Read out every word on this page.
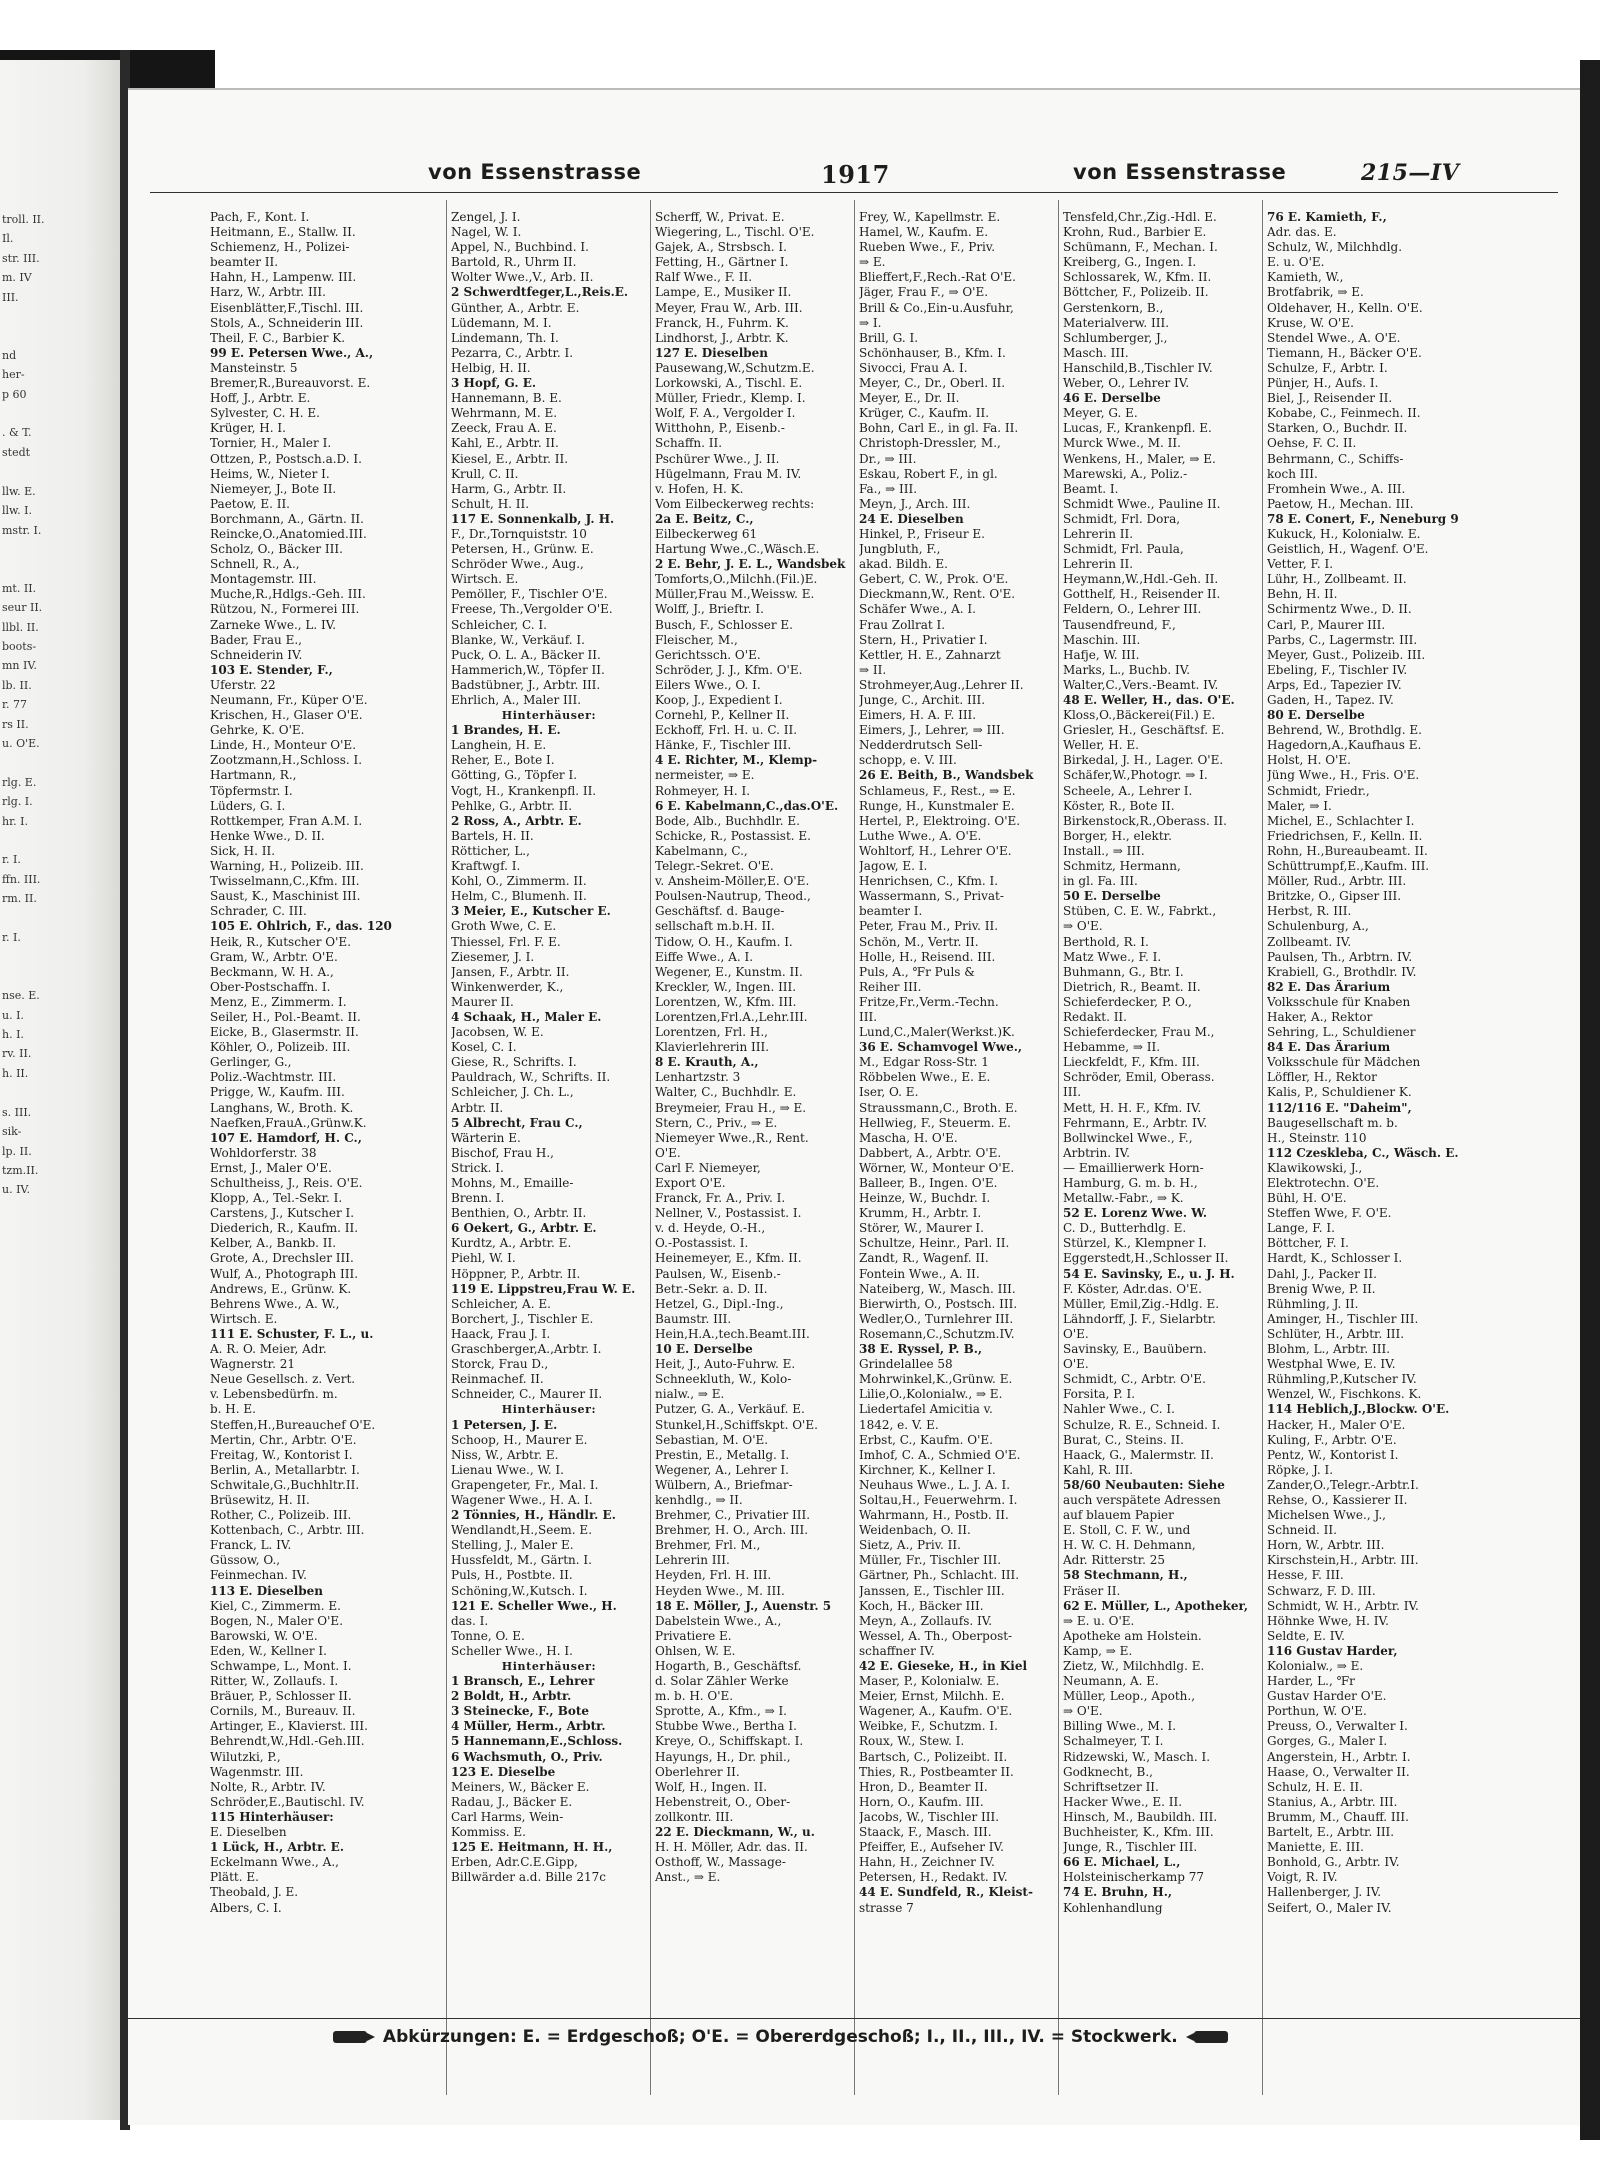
troll. II.
Il.
str. III.
m. IV
III.

nd
her-
p 60

. & T.
stedt

llw. E.
llw. I.
mstr. I.

mt. II.
seur II.
llbl. II.
boots-
mn IV.
lb. II.
r. 77
rs II.
u. O'E.

rlg. E.
rlg. I.
hr. I.

r. I.
ffn. III.
rm. II.

r. I.

nse. E.
u. I.
h. I.
rv. II.
h. II.

s. III.
sik-
lp. II.
tzm.II.
u. IV.
von Essenstrasse	1917	von Essenstrasse	215—IV
Pach, F., Kont. I.
Heitmann, E., Stallw. II.
Schiemenz, H., Polizei-
beamter II.
Hahn, H., Lampenw. III.
Harz, W., Arbtr. III.
Eisenblätter,F.,Tischl. III.
Stols, A., Schneiderin III.
Theil, F. C., Barbier K.
99 E. Petersen Wwe., A.,
Mansteinstr. 5
Bremer,R.,Bureauvorst. E.
Hoff, J., Arbtr. E.
Sylvester, C. H. E.
Krüger, H. I.
Tornier, H., Maler I.
Ottzen, P., Postsch.a.D. I.
Heims, W., Nieter I.
Niemeyer, J., Bote II.
Paetow, E. II.
Borchmann, A., Gärtn. II.
Reincke,O.,Anatomied.III.
Scholz, O., Bäcker III.
Schnell, R., A.,
Montagemstr. III.
Muche,R.,Hdlgs.-Geh. III.
Rützou, N., Formerei III.
Zarneke Wwe., L. IV.
Bader, Frau E.,
Schneiderin IV.
103 E. Stender, F.,
Uferstr. 22
Neumann, Fr., Küper O'E.
Krischen, H., Glaser O'E.
Gehrke, K. O'E.
Linde, H., Monteur O'E.
Zootzmann,H.,Schloss. I.
Hartmann, R.,
Töpfermstr. I.
Lüders, G. I.
Rottkemper, Fran A.M. I.
Henke Wwe., D. II.
Sick, H. II.
Warning, H., Polizeib. III.
Twisselmann,C.,Kfm. III.
Saust, K., Maschinist III.
Schrader, C. III.
105 E. Ohlrich, F., das. 120
Heik, R., Kutscher O'E.
Gram, W., Arbtr. O'E.
Beckmann, W. H. A.,
Ober-Postschaffn. I.
Menz, E., Zimmerm. I.
Seiler, H., Pol.-Beamt. II.
Eicke, B., Glasermstr. II.
Köhler, O., Polizeib. III.
Gerlinger, G.,
Poliz.-Wachtmstr. III.
Prigge, W., Kaufm. III.
Langhans, W., Broth. K.
Naefken,FrauA.,Grünw.K.
107 E. Hamdorf, H. C.,
Wohldorferstr. 38
Ernst, J., Maler O'E.
Schultheiss, J., Reis. O'E.
Klopp, A., Tel.-Sekr. I.
Carstens, J., Kutscher I.
Diederich, R., Kaufm. II.
Kelber, A., Bankb. II.
Grote, A., Drechsler III.
Wulf, A., Photograph III.
Andrews, E., Grünw. K.
Behrens Wwe., A. W.,
Wirtsch. E.
111 E. Schuster, F. L., u.
A. R. O. Meier, Adr.
Wagnerstr. 21
Neue Gesellsch. z. Vert.
v. Lebensbedürfn. m.
b. H. E.
Steffen,H.,Bureauchef O'E.
Mertin, Chr., Arbtr. O'E.
Freitag, W., Kontorist I.
Berlin, A., Metallarbtr. I.
Schwitale,G.,Buchhltr.II.
Brüsewitz, H. II.
Rother, C., Polizeib. III.
Kottenbach, C., Arbtr. III.
Franck, L. IV.
Güssow, O.,
Feinmechan. IV.
113 E. Dieselben
Kiel, C., Zimmerm. E.
Bogen, N., Maler O'E.
Barowski, W. O'E.
Eden, W., Kellner I.
Schwampe, L., Mont. I.
Ritter, W., Zollaufs. I.
Bräuer, P., Schlosser II.
Cornils, M., Bureauv. II.
Artinger, E., Klavierst. III.
Behrendt,W.,Hdl.-Geh.III.
Wilutzki, P.,
Wagenmstr. III.
Nolte, R., Arbtr. IV.
Schröder,E.,Bautischl. IV.
115 Hinterhäuser:
E. Dieselben
1 Lück, H., Arbtr. E.
Eckelmann Wwe., A.,
Plätt. E.
Theobald, J. E.
Albers, C. I.
Zengel, J. I.
Nagel, W. I.
Appel, N., Buchbind. I.
Bartold, R., Uhrm II.
Wolter Wwe.,V., Arb. II.
2 Schwerdtfeger,L.,Reis.E.
Günther, A., Arbtr. E.
Lüdemann, M. I.
Lindemann, Th. I.
Pezarra, C., Arbtr. I.
Helbig, H. II.
3 Hopf, G. E.
Hannemann, B. E.
Wehrmann, M. E.
Zeeck, Frau A. E.
Kahl, E., Arbtr. II.
Kiesel, E., Arbtr. II.
Krull, C. II.
Harm, G., Arbtr. II.
Schult, H. II.
117 E. Sonnenkalb, J. H.
F., Dr.,Tornquiststr. 10
Petersen, H., Grünw. E.
Schröder Wwe., Aug.,
Wirtsch. E.
Pemöller, F., Tischler O'E.
Freese, Th.,Vergolder O'E.
Schleicher, C. I.
Blanke, W., Verkäuf. I.
Puck, O. L. A., Bäcker II.
Hammerich,W., Töpfer II.
Badstübner, J., Arbtr. III.
Ehrlich, A., Maler III.
Hinterhäuser:
1 Brandes, H. E.
Langhein, H. E.
Reher, E., Bote I.
Götting, G., Töpfer I.
Vogt, H., Krankenpfl. II.
Pehlke, G., Arbtr. II.
2 Ross, A., Arbtr. E.
Bartels, H. II.
Rötticher, L.,
Kraftwgf. I.
Kohl, O., Zimmerm. II.
Helm, C., Blumenh. II.
3 Meier, E., Kutscher E.
Groth Wwe, C. E.
Thiessel, Frl. F. E.
Ziesemer, J. I.
Jansen, F., Arbtr. II.
Winkenwerder, K.,
Maurer II.
4 Schaak, H., Maler E.
Jacobsen, W. E.
Kosel, C. I.
Giese, R., Schrifts. I.
Pauldrach, W., Schrifts. II.
Schleicher, J. Ch. L.,
Arbtr. II.
5 Albrecht, Frau C.,
Wärterin E.
Bischof, Frau H.,
Strick. I.
Mohns, M., Emaille-
Brenn. I.
Benthien, O., Arbtr. II.
6 Oekert, G., Arbtr. E.
Kurdtz, A., Arbtr. E.
Piehl, W. I.
Höppner, P., Arbtr. II.
119 E. Lippstreu,Frau W. E.
Schleicher, A. E.
Borchert, J., Tischler E.
Haack, Frau J. I.
Graschberger,A.,Arbtr. I.
Storck, Frau D.,
Reinmachef. II.
Schneider, C., Maurer II.
Hinterhäuser:
1 Petersen, J. E.
Schoop, H., Maurer E.
Niss, W., Arbtr. E.
Lienau Wwe., W. I.
Grapengeter, Fr., Mal. I.
Wagener Wwe., H. A. I.
2 Tönnies, H., Händlr. E.
Wendlandt,H.,Seem. E.
Stelling, J., Maler E.
Hussfeldt, M., Gärtn. I.
Puls, H., Postbte. II.
Schöning,W.,Kutsch. I.
121 E. Scheller Wwe., H.
das. I.
Tonne, O. E.
Scheller Wwe., H. I.
Hinterhäuser:
1 Bransch, E., Lehrer
2 Boldt, H., Arbtr.
3 Steinecke, F., Bote
4 Müller, Herm., Arbtr.
5 Hannemann,E.,Schloss.
6 Wachsmuth, O., Priv.
123 E. Dieselbe
Meiners, W., Bäcker E.
Radau, J., Bäcker E.
Carl Harms, Wein-
Kommiss. E.
125 E. Heitmann, H. H.,
Erben, Adr.C.E.Gipp,
Billwärder a.d. Bille 217c
Scherff, W., Privat. E.
Wiegering, L., Tischl. O'E.
Gajek, A., Strsbsch. I.
Fetting, H., Gärtner I.
Ralf Wwe., F. II.
Lampe, E., Musiker II.
Meyer, Frau W., Arb. III.
Franck, H., Fuhrm. K.
Lindhorst, J., Arbtr. K.
127 E. Dieselben
Pausewang,W.,Schutzm.E.
Lorkowski, A., Tischl. E.
Müller, Friedr., Klemp. I.
Wolf, F. A., Vergolder I.
Witthohn, P., Eisenb.-
Schaffn. II.
Pschürer Wwe., J. II.
Hügelmann, Frau M. IV.
v. Hofen, H. K.
Vom Eilbeckerweg rechts:
2a E. Beitz, C.,
Eilbeckerweg 61
Hartung Wwe.,C.,Wäsch.E.
2 E. Behr, J. E. L., Wandsbek
Tomforts,O.,Milchh.(Fil.)E.
Müller,Frau M.,Weissw. E.
Wolff, J., Brieftr. I.
Busch, F., Schlosser E.
Fleischer, M.,
Gerichtssch. O'E.
Schröder, J. J., Kfm. O'E.
Eilers Wwe., O. I.
Koop, J., Expedient I.
Cornehl, P., Kellner II.
Eckhoff, Frl. H. u. C. II.
Hänke, F., Tischler III.
4 E. Richter, M., Klemp-
nermeister, ⇒ E.
Rohmeyer, H. I.
6 E. Kabelmann,C.,das.O'E.
Bode, Alb., Buchhdlr. E.
Schicke, R., Postassist. E.
Kabelmann, C.,
Telegr.-Sekret. O'E.
v. Ansheim-Möller,E. O'E.
Poulsen-Nautrup, Theod.,
Geschäftsf. d. Bauge-
sellschaft m.b.H. II.
Tidow, O. H., Kaufm. I.
Eiffe Wwe., A. I.
Wegener, E., Kunstm. II.
Kreckler, W., Ingen. III.
Lorentzen, W., Kfm. III.
Lorentzen,Frl.A.,Lehr.III.
Lorentzen, Frl. H.,
Klavierlehrerin III.
8 E. Krauth, A.,
Lenhartzstr. 3
Walter, C., Buchhdlr. E.
Breymeier, Frau H., ⇒ E.
Stern, C., Priv., ⇒ E.
Niemeyer Wwe.,R., Rent.
O'E.
Carl F. Niemeyer,
Export O'E.
Franck, Fr. A., Priv. I.
Nellner, V., Postassist. I.
v. d. Heyde, O.-H.,
O.-Postassist. I.
Heinemeyer, E., Kfm. II.
Paulsen, W., Eisenb.-
Betr.-Sekr. a. D. II.
Hetzel, G., Dipl.-Ing.,
Baumstr. III.
Hein,H.A.,tech.Beamt.III.
10 E. Derselbe
Heit, J., Auto-Fuhrw. E.
Schneekluth, W., Kolo-
nialw., ⇒ E.
Putzer, G. A., Verkäuf. E.
Stunkel,H.,Schiffskpt. O'E.
Sebastian, M. O'E.
Prestin, E., Metallg. I.
Wegener, A., Lehrer I.
Wülbern, A., Briefmar-
kenhdlg., ⇒ II.
Brehmer, C., Privatier III.
Brehmer, H. O., Arch. III.
Brehmer, Frl. M.,
Lehrerin III.
Heyden, Frl. H. III.
Heyden Wwe., M. III.
18 E. Möller, J., Auenstr. 5
Dabelstein Wwe., A.,
Privatiere E.
Ohlsen, W. E.
Hogarth, B., Geschäftsf.
d. Solar Zähler Werke
m. b. H. O'E.
Sprotte, A., Kfm., ⇒ I.
Stubbe Wwe., Bertha I.
Kreye, O., Schiffskapt. I.
Hayungs, H., Dr. phil.,
Oberlehrer II.
Wolf, H., Ingen. II.
Hebenstreit, O., Ober-
zollkontr. III.
22 E. Dieckmann, W., u.
H. H. Möller, Adr. das. II.
Osthoff, W., Massage-
Anst., ⇒ E.
Frey, W., Kapellmstr. E.
Hamel, W., Kaufm. E.
Rueben Wwe., F., Priv.
⇒ E.
Blieffert,F.,Rech.-Rat O'E.
Jäger, Frau F., ⇒ O'E.
Brill & Co.,Ein-u.Ausfuhr,
⇒ I.
Brill, G. I.
Schönhauser, B., Kfm. I.
Sivocci, Frau A. I.
Meyer, C., Dr., Oberl. II.
Meyer, E., Dr. II.
Krüger, C., Kaufm. II.
Bohn, Carl E., in gl. Fa. II.
Christoph-Dressler, M.,
Dr., ⇒ III.
Eskau, Robert F., in gl.
Fa., ⇒ III.
Meyn, J., Arch. III.
24 E. Dieselben
Hinkel, P., Friseur E.
Jungbluth, F.,
akad. Bildh. E.
Gebert, C. W., Prok. O'E.
Dieckmann,W., Rent. O'E.
Schäfer Wwe., A. I.
Frau Zollrat I.
Stern, H., Privatier I.
Kettler, H. E., Zahnarzt
⇒ II.
Strohmeyer,Aug.,Lehrer II.
Junge, C., Archit. III.
Eimers, H. A. F. III.
Eimers, J., Lehrer, ⇒ III.
Nedderdrutsch Sell-
schopp, e. V. III.
26 E. Beith, B., Wandsbek
Schlameus, F., Rest., ⇒ E.
Runge, H., Kunstmaler E.
Hertel, P., Elektroing. O'E.
Luthe Wwe., A. O'E.
Wohltorf, H., Lehrer O'E.
Jagow, E. I.
Henrichsen, C., Kfm. I.
Wassermann, S., Privat-
beamter I.
Peter, Frau M., Priv. II.
Schön, M., Vertr. II.
Holle, H., Reisend. III.
Puls, A., ℉r Puls &
Reiher III.
Fritze,Fr.,Verm.-Techn.
III.
Lund,C.,Maler(Werkst.)K.
36 E. Schamvogel Wwe.,
M., Edgar Ross-Str. 1
Röbbelen Wwe., E. E.
Iser, O. E.
Straussmann,C., Broth. E.
Hellwieg, F., Steuerm. E.
Mascha, H. O'E.
Dabbert, A., Arbtr. O'E.
Wörner, W., Monteur O'E.
Balleer, B., Ingen. O'E.
Heinze, W., Buchdr. I.
Krumm, H., Arbtr. I.
Störer, W., Maurer I.
Schultze, Heinr., Parl. II.
Zandt, R., Wagenf. II.
Fontein Wwe., A. II.
Nateiberg, W., Masch. III.
Bierwirth, O., Postsch. III.
Wedler,O., Turnlehrer III.
Rosemann,C.,Schutzm.IV.
38 E. Ryssel, P. B.,
Grindelallee 58
Mohrwinkel,K.,Grünw. E.
Lilie,O.,Kolonialw., ⇒ E.
Liedertafel Amicitia v.
1842, e. V. E.
Erbst, C., Kaufm. O'E.
Imhof, C. A., Schmied O'E.
Kirchner, K., Kellner I.
Neuhaus Wwe., L. J. A. I.
Soltau,H., Feuerwehrm. I.
Wahrmann, H., Postb. II.
Weidenbach, O. II.
Sietz, A., Priv. II.
Müller, Fr., Tischler III.
Gärtner, Ph., Schlacht. III.
Janssen, E., Tischler III.
Koch, H., Bäcker III.
Meyn, A., Zollaufs. IV.
Wessel, A. Th., Oberpost-
schaffner IV.
42 E. Gieseke, H., in Kiel
Maser, P., Kolonialw. E.
Meier, Ernst, Milchh. E.
Wagener, A., Kaufm. O'E.
Weibke, F., Schutzm. I.
Roux, W., Stew. I.
Bartsch, C., Polizeibt. II.
Thies, R., Postbeamter II.
Hron, D., Beamter II.
Horn, O., Kaufm. III.
Jacobs, W., Tischler III.
Staack, F., Masch. III.
Pfeiffer, E., Aufseher IV.
Hahn, H., Zeichner IV.
Petersen, H., Redakt. IV.
44 E. Sundfeld, R., Kleist-
strasse 7
Tensfeld,Chr.,Zig.-Hdl. E.
Krohn, Rud., Barbier E.
Schümann, F., Mechan. I.
Kreiberg, G., Ingen. I.
Schlossarek, W., Kfm. II.
Böttcher, F., Polizeib. II.
Gerstenkorn, B.,
Materialverw. III.
Schlumberger, J.,
Masch. III.
Hanschild,B.,Tischler IV.
Weber, O., Lehrer IV.
46 E. Derselbe
Meyer, G. E.
Lucas, F., Krankenpfl. E.
Murck Wwe., M. II.
Wenkens, H., Maler, ⇒ E.
Marewski, A., Poliz.-
Beamt. I.
Schmidt Wwe., Pauline II.
Schmidt, Frl. Dora,
Lehrerin II.
Schmidt, Frl. Paula,
Lehrerin II.
Heymann,W.,Hdl.-Geh. II.
Gotthelf, H., Reisender II.
Feldern, O., Lehrer III.
Tausendfreund, F.,
Maschin. III.
Hafje, W. III.
Marks, L., Buchb. IV.
Walter,C.,Vers.-Beamt. IV.
48 E. Weller, H., das. O'E.
Kloss,O.,Bäckerei(Fil.) E.
Griesler, H., Geschäftsf. E.
Weller, H. E.
Birkedal, J. H., Lager. O'E.
Schäfer,W.,Photogr. ⇒ I.
Scheele, A., Lehrer I.
Köster, R., Bote II.
Birkenstock,R.,Oberass. II.
Borger, H., elektr.
Install., ⇒ III.
Schmitz, Hermann,
in gl. Fa. III.
50 E. Derselbe
Stüben, C. E. W., Fabrkt.,
⇒ O'E.
Berthold, R. I.
Matz Wwe., F. I.
Buhmann, G., Btr. I.
Dietrich, R., Beamt. II.
Schieferdecker, P. O.,
Redakt. II.
Schieferdecker, Frau M.,
Hebamme, ⇒ II.
Lieckfeldt, F., Kfm. III.
Schröder, Emil, Oberass.
III.
Mett, H. H. F., Kfm. IV.
Fehrmann, E., Arbtr. IV.
Bollwinckel Wwe., F.,
Arbtrin. IV.
— Emaillierwerk Horn-
Hamburg, G. m. b. H.,
Metallw.-Fabr., ⇒ K.
52 E. Lorenz Wwe. W.
C. D., Butterhdlg. E.
Stürzel, K., Klempner I.
Eggerstedt,H.,Schlosser II.
54 E. Savinsky, E., u. J. H.
F. Köster, Adr.das. O'E.
Müller, Emil,Zig.-Hdlg. E.
Lähndorff, J. F., Sielarbtr.
O'E.
Savinsky, E., Bauübern.
O'E.
Schmidt, C., Arbtr. O'E.
Forsita, P. I.
Nahler Wwe., C. I.
Schulze, R. E., Schneid. I.
Burat, C., Steins. II.
Haack, G., Malermstr. II.
Kahl, R. III.
58/60 Neubauten: Siehe
auch verspätete Adressen
auf blauem Papier
E. Stoll, C. F. W., und
H. W. C. H. Dehmann,
Adr. Ritterstr. 25
58 Stechmann, H.,
Fräser II.
62 E. Müller, L., Apotheker,
⇒ E. u. O'E.
Apotheke am Holstein.
Kamp, ⇒ E.
Zietz, W., Milchhdlg. E.
Neumann, A. E.
Müller, Leop., Apoth.,
⇒ O'E.
Billing Wwe., M. I.
Schalmeyer, T. I.
Ridzewski, W., Masch. I.
Godknecht, B.,
Schriftsetzer II.
Hacker Wwe., E. II.
Hinsch, M., Baubildh. III.
Buchheister, K., Kfm. III.
Junge, R., Tischler III.
66 E. Michael, L.,
Holsteinischerkamp 77
74 E. Bruhn, H.,
Kohlenhandlung
76 E. Kamieth, F.,
Adr. das. E.
Schulz, W., Milchhdlg.
E. u. O'E.
Kamieth, W.,
Brotfabrik, ⇒ E.
Oldehaver, H., Kelln. O'E.
Kruse, W. O'E.
Stendel Wwe., A. O'E.
Tiemann, H., Bäcker O'E.
Schulze, F., Arbtr. I.
Pünjer, H., Aufs. I.
Biel, J., Reisender II.
Kobabe, C., Feinmech. II.
Starken, O., Buchdr. II.
Oehse, F. C. II.
Behrmann, C., Schiffs-
koch III.
Fromhein Wwe., A. III.
Paetow, H., Mechan. III.
78 E. Conert, F., Neneburg 9
Kukuck, H., Kolonialw. E.
Geistlich, H., Wagenf. O'E.
Vetter, F. I.
Lühr, H., Zollbeamt. II.
Behn, H. II.
Schirmentz Wwe., D. II.
Carl, P., Maurer III.
Parbs, C., Lagermstr. III.
Meyer, Gust., Polizeib. III.
Ebeling, F., Tischler IV.
Arps, Ed., Tapezier IV.
Gaden, H., Tapez. IV.
80 E. Derselbe
Behrend, W., Brothdlg. E.
Hagedorn,A.,Kaufhaus E.
Holst, H. O'E.
Jüng Wwe., H., Fris. O'E.
Schmidt, Friedr.,
Maler, ⇒ I.
Michel, E., Schlachter I.
Friedrichsen, F., Kelln. II.
Rohn, H.,Bureaubeamt. II.
Schüttrumpf,E.,Kaufm. III.
Möller, Rud., Arbtr. III.
Britzke, O., Gipser III.
Herbst, R. III.
Schulenburg, A.,
Zollbeamt. IV.
Paulsen, Th., Arbtrn. IV.
Krabiell, G., Brothdlr. IV.
82 E. Das Ärarium
Volksschule für Knaben
Haker, A., Rektor
Sehring, L., Schuldiener
84 E. Das Ärarium
Volksschule für Mädchen
Löffler, H., Rektor
Kalis, P., Schuldiener K.
112/116 E. "Daheim",
Baugesellschaft m. b.
H., Steinstr. 110
112 Czeskleba, C., Wäsch. E.
Klawikowski, J.,
Elektrotechn. O'E.
Bühl, H. O'E.
Steffen Wwe, F. O'E.
Lange, F. I.
Böttcher, F. I.
Hardt, K., Schlosser I.
Dahl, J., Packer II.
Brenig Wwe, P. II.
Rühmling, J. II.
Aminger, H., Tischler III.
Schlüter, H., Arbtr. III.
Blohm, L., Arbtr. III.
Westphal Wwe, E. IV.
Rühmling,P.,Kutscher IV.
Wenzel, W., Fischkons. K.
114 Heblich,J.,Blockw. O'E.
Hacker, H., Maler O'E.
Kuling, F., Arbtr. O'E.
Pentz, W., Kontorist I.
Röpke, J. I.
Zander,O.,Telegr.-Arbtr.I.
Rehse, O., Kassierer II.
Michelsen Wwe., J.,
Schneid. II.
Horn, W., Arbtr. III.
Kirschstein,H., Arbtr. III.
Hesse, F. III.
Schwarz, F. D. III.
Schmidt, W. H., Arbtr. IV.
Höhnke Wwe, H. IV.
Seldte, E. IV.
116 Gustav Harder,
Kolonialw., ⇒ E.
Harder, L., ℉r
Gustav Harder O'E.
Porthun, W. O'E.
Preuss, O., Verwalter I.
Gorges, G., Maler I.
Angerstein, H., Arbtr. I.
Haase, O., Verwalter II.
Schulz, H. E. II.
Stanius, A., Arbtr. III.
Brumm, M., Chauff. III.
Bartelt, E., Arbtr. III.
Maniette, E. III.
Bonhold, G., Arbtr. IV.
Voigt, R. IV.
Hallenberger, J. IV.
Seifert, O., Maler IV.
Abkürzungen: E. = Erdgeschoß; O'E. = Obererdgeschoß; I., II., III., IV. = Stockwerk.
